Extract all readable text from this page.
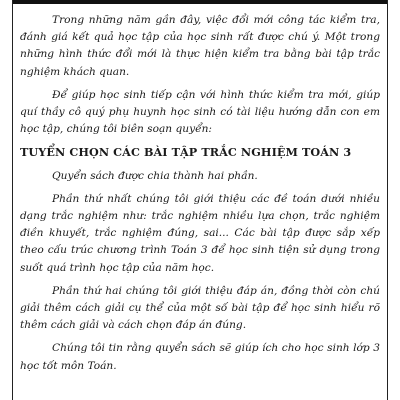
Trong những năm gần đây, việc đổi mới công tác kiểm tra, đánh giá kết quả học tập của học sinh rất được chú ý. Một trong những hình thức đổi mới là thực hiện kiểm tra bằng bài tập trắc nghiệm khách quan.

Để giúp học sinh tiếp cận với hình thức kiểm tra mới, giúp quí thầy cô quý phụ huynh học sinh có tài liệu hướng dẫn con em học tập, chúng tôi biên soạn quyển:

TUYỂN CHỌN CÁC BÀI TẬP TRẮC NGHIỆM TOÁN 3

Quyển sách được chia thành hai phần.

Phần thứ nhất chúng tôi giới thiệu các đề toán dưới nhiều dạng trắc nghiệm như: trắc nghiệm nhiều lựa chọn, trắc nghiệm điền khuyết, trắc nghiệm đúng, sai... Các bài tập được sắp xếp theo cấu trúc chương trình Toán 3 để học sinh tiện sử dụng trong suốt quá trình học tập của năm học.

Phần thứ hai chúng tôi giới thiệu đáp án, đồng thời còn chú giải thêm cách giải cụ thể của một số bài tập để học sinh hiểu rõ thêm cách giải và cách chọn đáp án đúng.

Chúng tôi tin rằng quyển sách sẽ giúp ích cho học sinh lớp 3 học tốt môn Toán.
